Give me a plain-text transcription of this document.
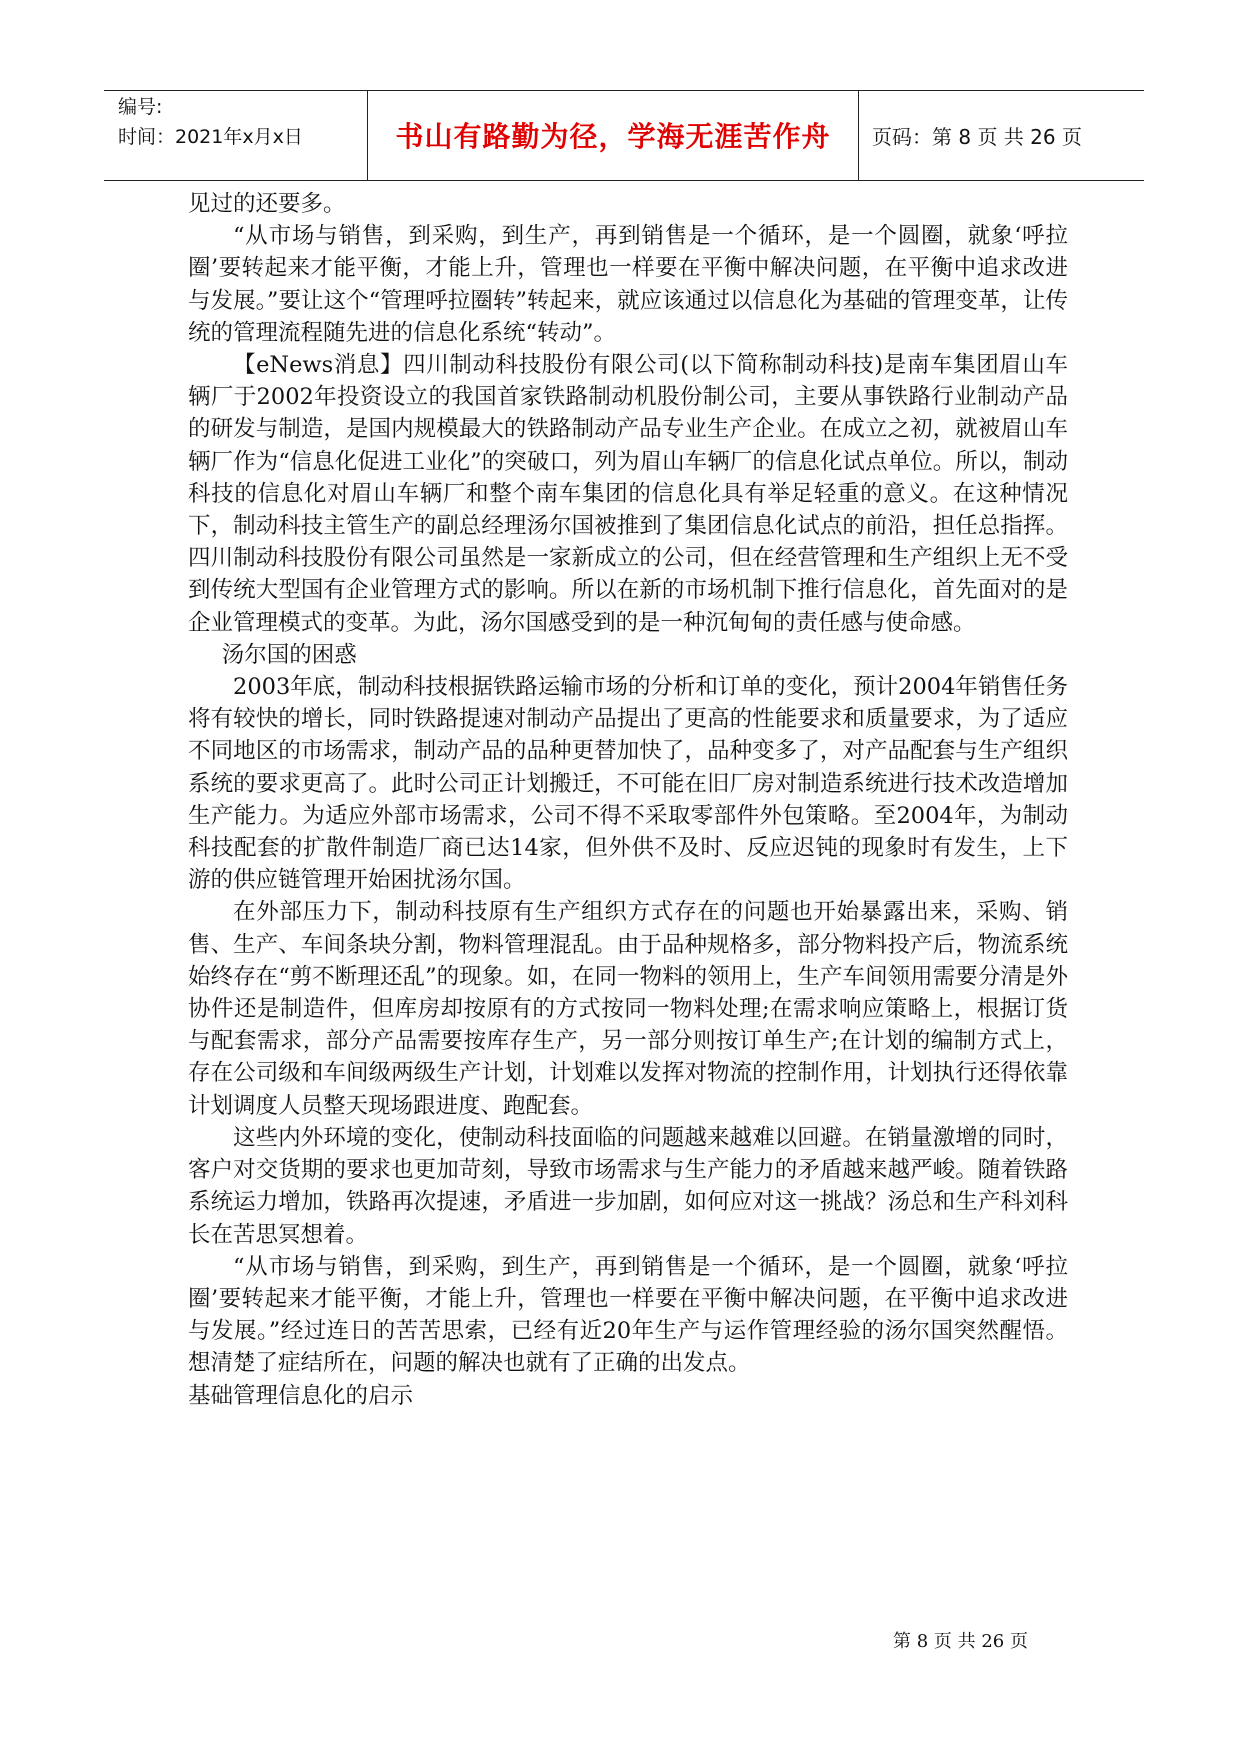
编号:
时间：2021年x月x日	书山有路勤为径，学海无涯苦作舟	页码：第 8 页 共 26 页

见过的还要多。

“从市场与销售，到采购，到生产，再到销售是一个循环，是一个圆圈，就象‘呼拉圈’要转起来才能平衡，才能上升，管理也一样要在平衡中解决问题，在平衡中追求改进与发展。”要让这个“管理呼拉圈转”转起来，就应该通过以信息化为基础的管理变革，让传统的管理流程随先进的信息化系统“转动”。

【eNews消息】四川制动科技股份有限公司(以下简称制动科技)是南车集团眉山车辆厂于2002年投资设立的我国首家铁路制动机股份制公司，主要从事铁路行业制动产品的研发与制造，是国内规模最大的铁路制动产品专业生产企业。在成立之初，就被眉山车辆厂作为“信息化促进工业化”的突破口，列为眉山车辆厂的信息化试点单位。所以，制动科技的信息化对眉山车辆厂和整个南车集团的信息化具有举足轻重的意义。在这种情况下，制动科技主管生产的副总经理汤尔国被推到了集团信息化试点的前沿，担任总指挥。四川制动科技股份有限公司虽然是一家新成立的公司，但在经营管理和生产组织上无不受到传统大型国有企业管理方式的影响。所以在新的市场机制下推行信息化，首先面对的是企业管理模式的变革。为此，汤尔国感受到的是一种沉甸甸的责任感与使命感。

汤尔国的困惑

2003年底，制动科技根据铁路运输市场的分析和订单的变化，预计2004年销售任务将有较快的增长，同时铁路提速对制动产品提出了更高的性能要求和质量要求，为了适应不同地区的市场需求，制动产品的品种更替加快了，品种变多了，对产品配套与生产组织系统的要求更高了。此时公司正计划搬迁，不可能在旧厂房对制造系统进行技术改造增加生产能力。为适应外部市场需求，公司不得不采取零部件外包策略。至2004年，为制动科技配套的扩散件制造厂商已达14家，但外供不及时、反应迟钝的现象时有发生，上下游的供应链管理开始困扰汤尔国。

在外部压力下，制动科技原有生产组织方式存在的问题也开始暴露出来，采购、销售、生产、车间条块分割，物料管理混乱。由于品种规格多，部分物料投产后，物流系统始终存在“剪不断理还乱”的现象。如，在同一物料的领用上，生产车间领用需要分清是外协件还是制造件，但库房却按原有的方式按同一物料处理;在需求响应策略上，根据订货与配套需求，部分产品需要按库存生产，另一部分则按订单生产;在计划的编制方式上，存在公司级和车间级两级生产计划，计划难以发挥对物流的控制作用，计划执行还得依靠计划调度人员整天现场跟进度、跑配套。

这些内外环境的变化，使制动科技面临的问题越来越难以回避。在销量激增的同时，客户对交货期的要求也更加苛刻，导致市场需求与生产能力的矛盾越来越严峻。随着铁路系统运力增加，铁路再次提速，矛盾进一步加剧，如何应对这一挑战？汤总和生产科刘科长在苦思冥想着。

“从市场与销售，到采购，到生产，再到销售是一个循环，是一个圆圈，就象‘呼拉圈’要转起来才能平衡，才能上升，管理也一样要在平衡中解决问题，在平衡中追求改进与发展。”经过连日的苦苦思索，已经有近20年生产与运作管理经验的汤尔国突然醒悟。想清楚了症结所在，问题的解决也就有了正确的出发点。

基础管理信息化的启示

第 8 页 共 26 页
